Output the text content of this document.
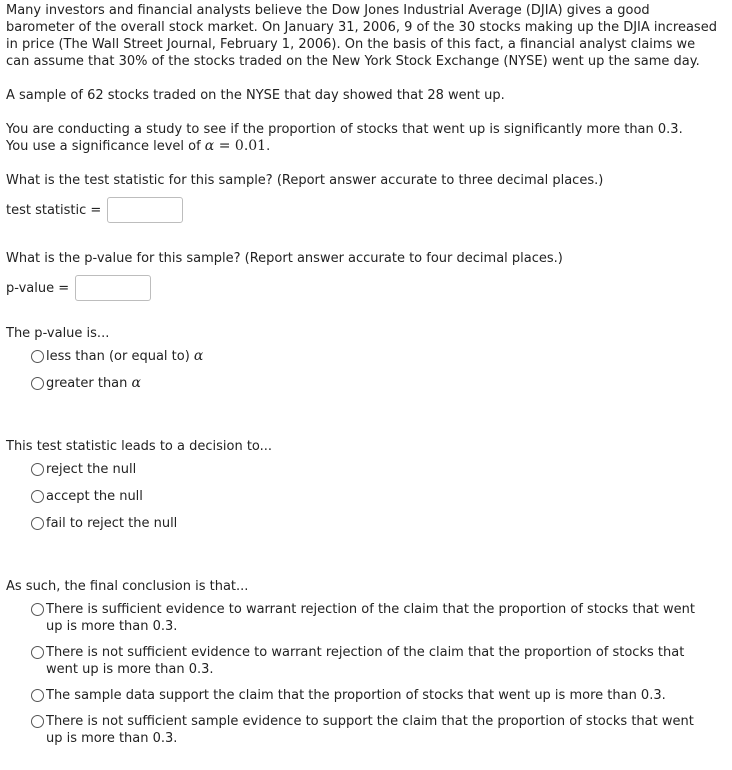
Many investors and financial analysts believe the Dow Jones Industrial Average (DJIA) gives a good barometer of the overall stock market. On January 31, 2006, 9 of the 30 stocks making up the DJIA increased in price (The Wall Street Journal, February 1, 2006). On the basis of this fact, a financial analyst claims we can assume that 30% of the stocks traded on the New York Stock Exchange (NYSE) went up the same day.

A sample of 62 stocks traded on the NYSE that day showed that 28 went up.

You are conducting a study to see if the proportion of stocks that went up is significantly more than 0.3.

You use a significance level of α = 0.01.

What is the test statistic for this sample? (Report answer accurate to three decimal places.)

test statistic =

What is the p-value for this sample? (Report answer accurate to four decimal places.)

p-value =

The p-value is...

less than (or equal to) α
greater than α

This test statistic leads to a decision to...

reject the null
accept the null
fail to reject the null

As such, the final conclusion is that...

There is sufficient evidence to warrant rejection of the claim that the proportion of stocks that went up is more than 0.3.
There is not sufficient evidence to warrant rejection of the claim that the proportion of stocks that went up is more than 0.3.
The sample data support the claim that the proportion of stocks that went up is more than 0.3.
There is not sufficient sample evidence to support the claim that the proportion of stocks that went up is more than 0.3.
